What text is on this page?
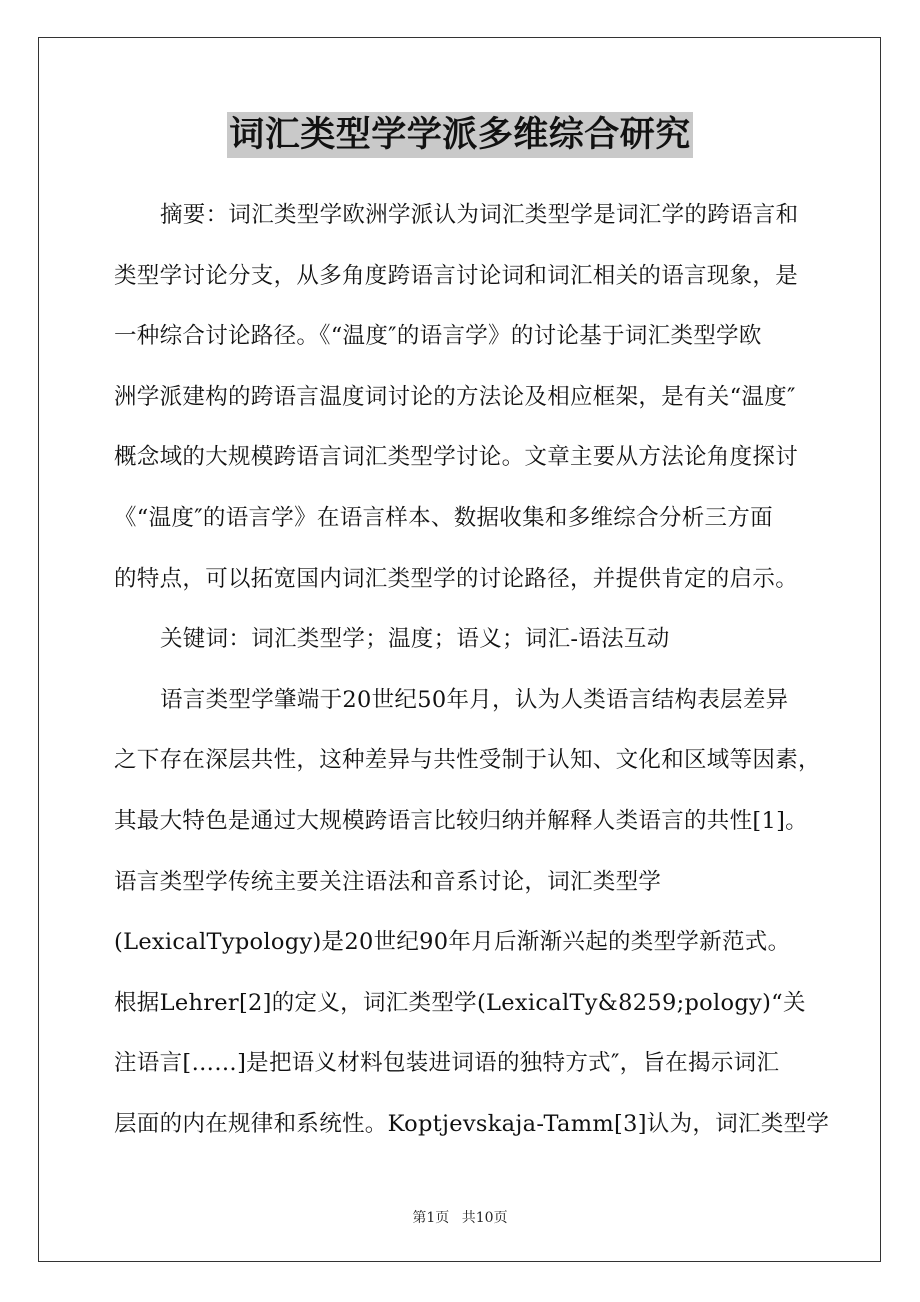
词汇类型学学派多维综合研究
摘要：词汇类型学欧洲学派认为词汇类型学是词汇学的跨语言和
类型学讨论分支，从多角度跨语言讨论词和词汇相关的语言现象，是
一种综合讨论路径。《“温度″的语言学》的讨论基于词汇类型学欧
洲学派建构的跨语言温度词讨论的方法论及相应框架，是有关“温度″
概念域的大规模跨语言词汇类型学讨论。文章主要从方法论角度探讨
《“温度″的语言学》在语言样本、数据收集和多维综合分析三方面
的特点，可以拓宽国内词汇类型学的讨论路径，并提供肯定的启示。
关键词：词汇类型学；温度；语义；词汇-语法互动
语言类型学肇端于20世纪50年月，认为人类语言结构表层差异
之下存在深层共性，这种差异与共性受制于认知、文化和区域等因素，
其最大特色是通过大规模跨语言比较归纳并解释人类语言的共性[1]。
语言类型学传统主要关注语法和音系讨论，词汇类型学
(LexicalTypology)是20世纪90年月后渐渐兴起的类型学新范式。
根据Lehrer[2]的定义，词汇类型学(LexicalTy&8259;pology)“关
注语言[……]是把语义材料包装进词语的独特方式″，旨在揭示词汇
层面的内在规律和系统性。Koptjevskaja-Tamm[3]认为，词汇类型学
第1页 共10页
